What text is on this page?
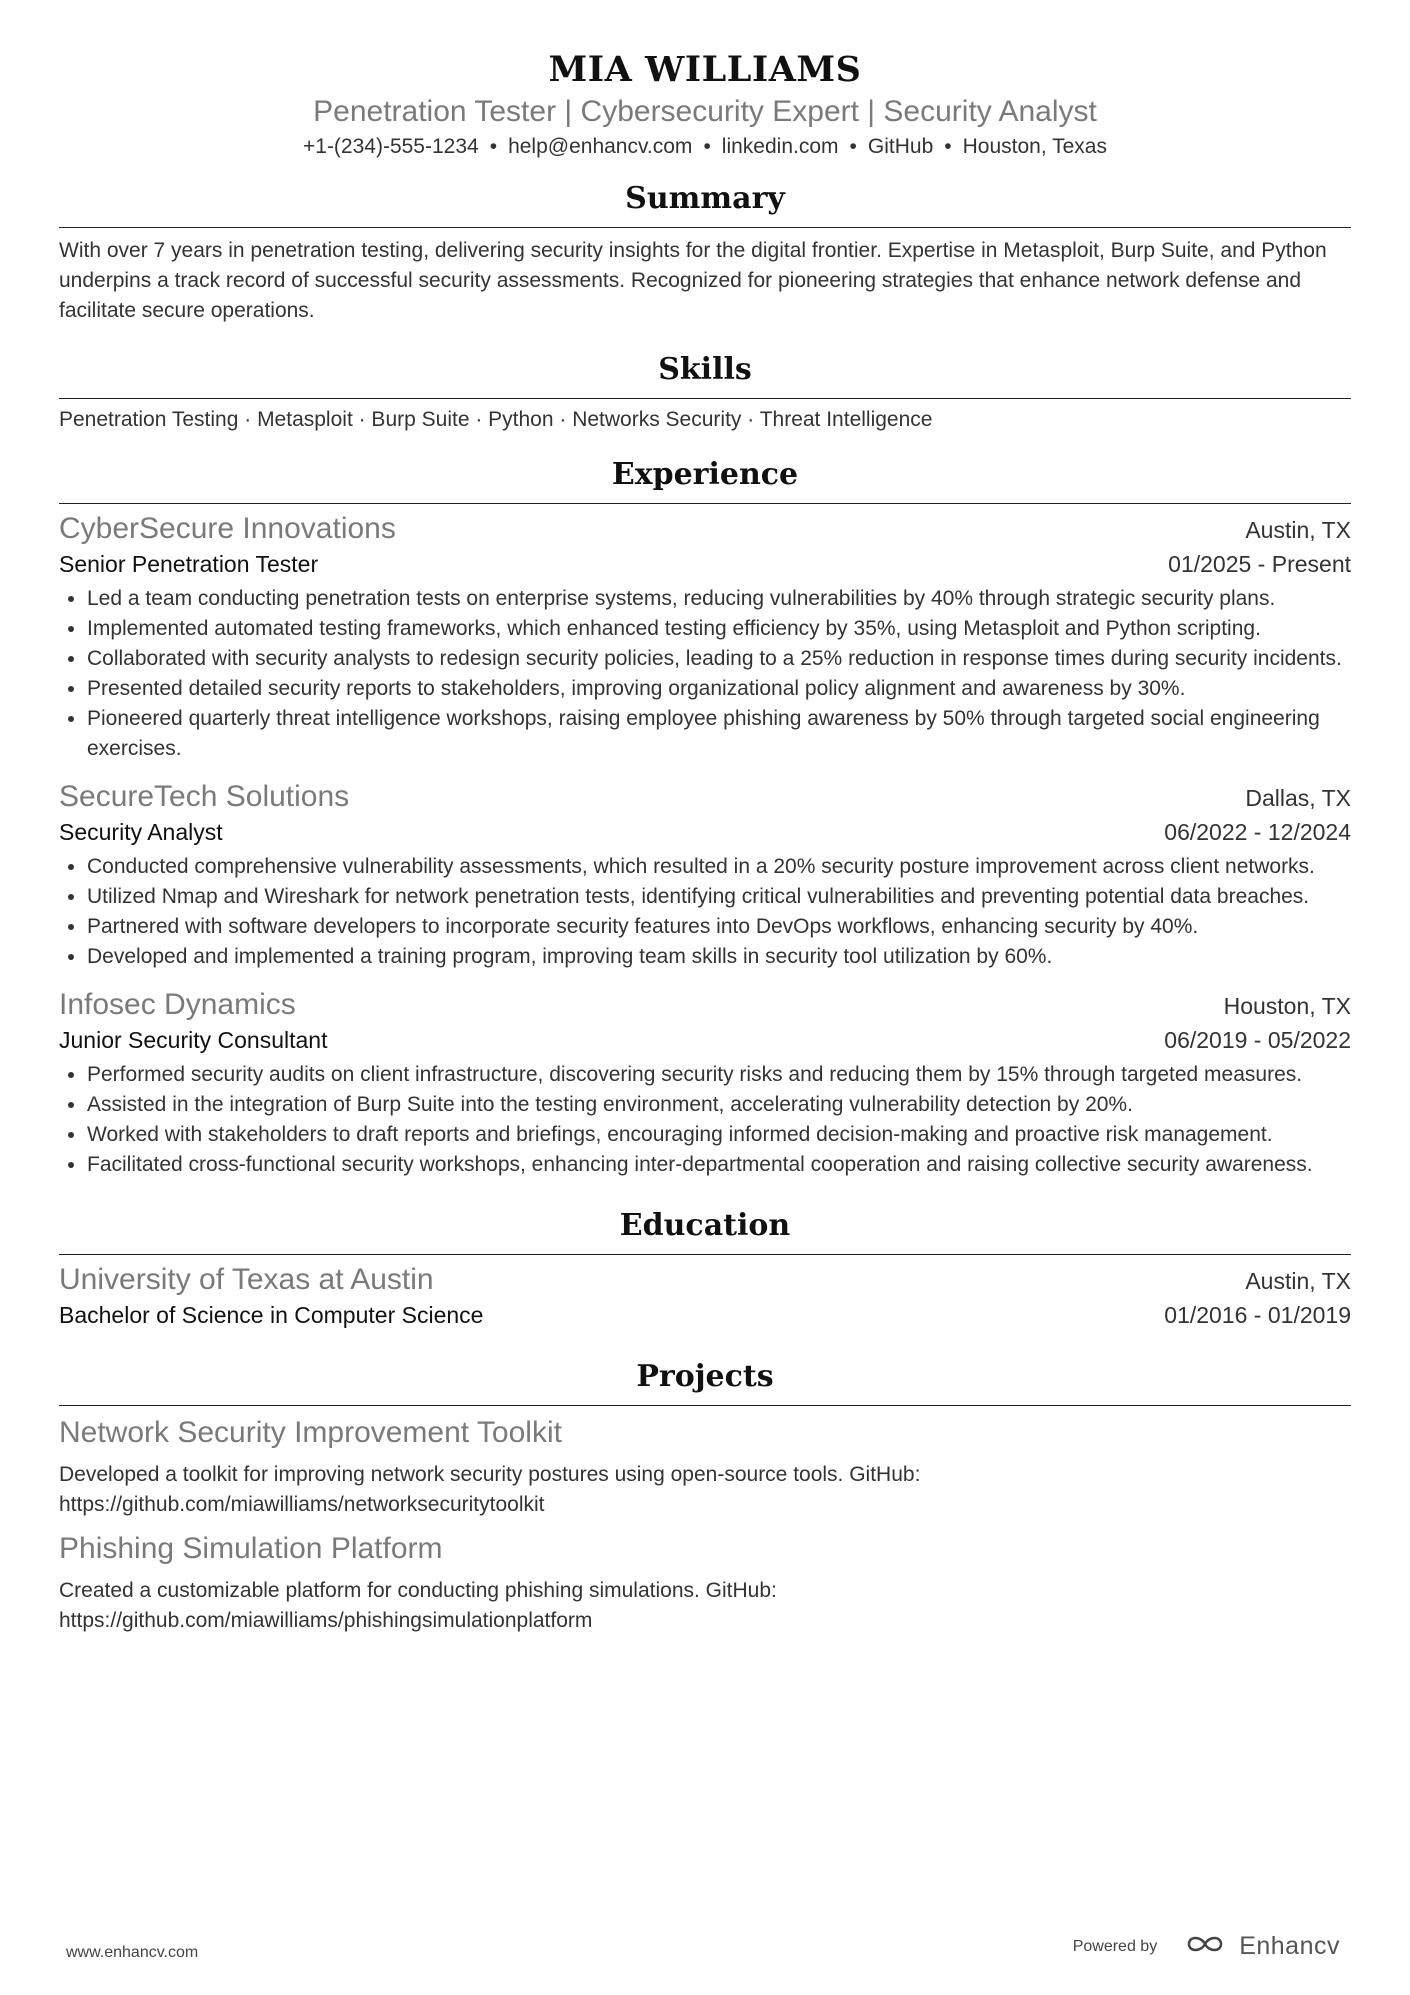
MIA WILLIAMS
Penetration Tester | Cybersecurity Expert | Security Analyst
+1-(234)-555-1234 • help@enhancv.com • linkedin.com • GitHub • Houston, Texas
Summary
With over 7 years in penetration testing, delivering security insights for the digital frontier. Expertise in Metasploit, Burp Suite, and Python underpins a track record of successful security assessments. Recognized for pioneering strategies that enhance network defense and facilitate secure operations.
Skills
Penetration Testing · Metasploit · Burp Suite · Python · Networks Security · Threat Intelligence
Experience
CyberSecure Innovations	Austin, TX
Senior Penetration Tester	01/2025 - Present
• Led a team conducting penetration tests on enterprise systems, reducing vulnerabilities by 40% through strategic security plans.
• Implemented automated testing frameworks, which enhanced testing efficiency by 35%, using Metasploit and Python scripting.
• Collaborated with security analysts to redesign security policies, leading to a 25% reduction in response times during security incidents.
• Presented detailed security reports to stakeholders, improving organizational policy alignment and awareness by 30%.
• Pioneered quarterly threat intelligence workshops, raising employee phishing awareness by 50% through targeted social engineering exercises.
SecureTech Solutions	Dallas, TX
Security Analyst	06/2022 - 12/2024
• Conducted comprehensive vulnerability assessments, which resulted in a 20% security posture improvement across client networks.
• Utilized Nmap and Wireshark for network penetration tests, identifying critical vulnerabilities and preventing potential data breaches.
• Partnered with software developers to incorporate security features into DevOps workflows, enhancing security by 40%.
• Developed and implemented a training program, improving team skills in security tool utilization by 60%.
Infosec Dynamics	Houston, TX
Junior Security Consultant	06/2019 - 05/2022
• Performed security audits on client infrastructure, discovering security risks and reducing them by 15% through targeted measures.
• Assisted in the integration of Burp Suite into the testing environment, accelerating vulnerability detection by 20%.
• Worked with stakeholders to draft reports and briefings, encouraging informed decision-making and proactive risk management.
• Facilitated cross-functional security workshops, enhancing inter-departmental cooperation and raising collective security awareness.
Education
University of Texas at Austin	Austin, TX
Bachelor of Science in Computer Science	01/2016 - 01/2019
Projects
Network Security Improvement Toolkit
Developed a toolkit for improving network security postures using open-source tools. GitHub:
https://github.com/miawilliams/networksecuritytoolkit
Phishing Simulation Platform
Created a customizable platform for conducting phishing simulations. GitHub:
https://github.com/miawilliams/phishingsimulationplatform
www.enhancv.com	Powered by	Enhancv
